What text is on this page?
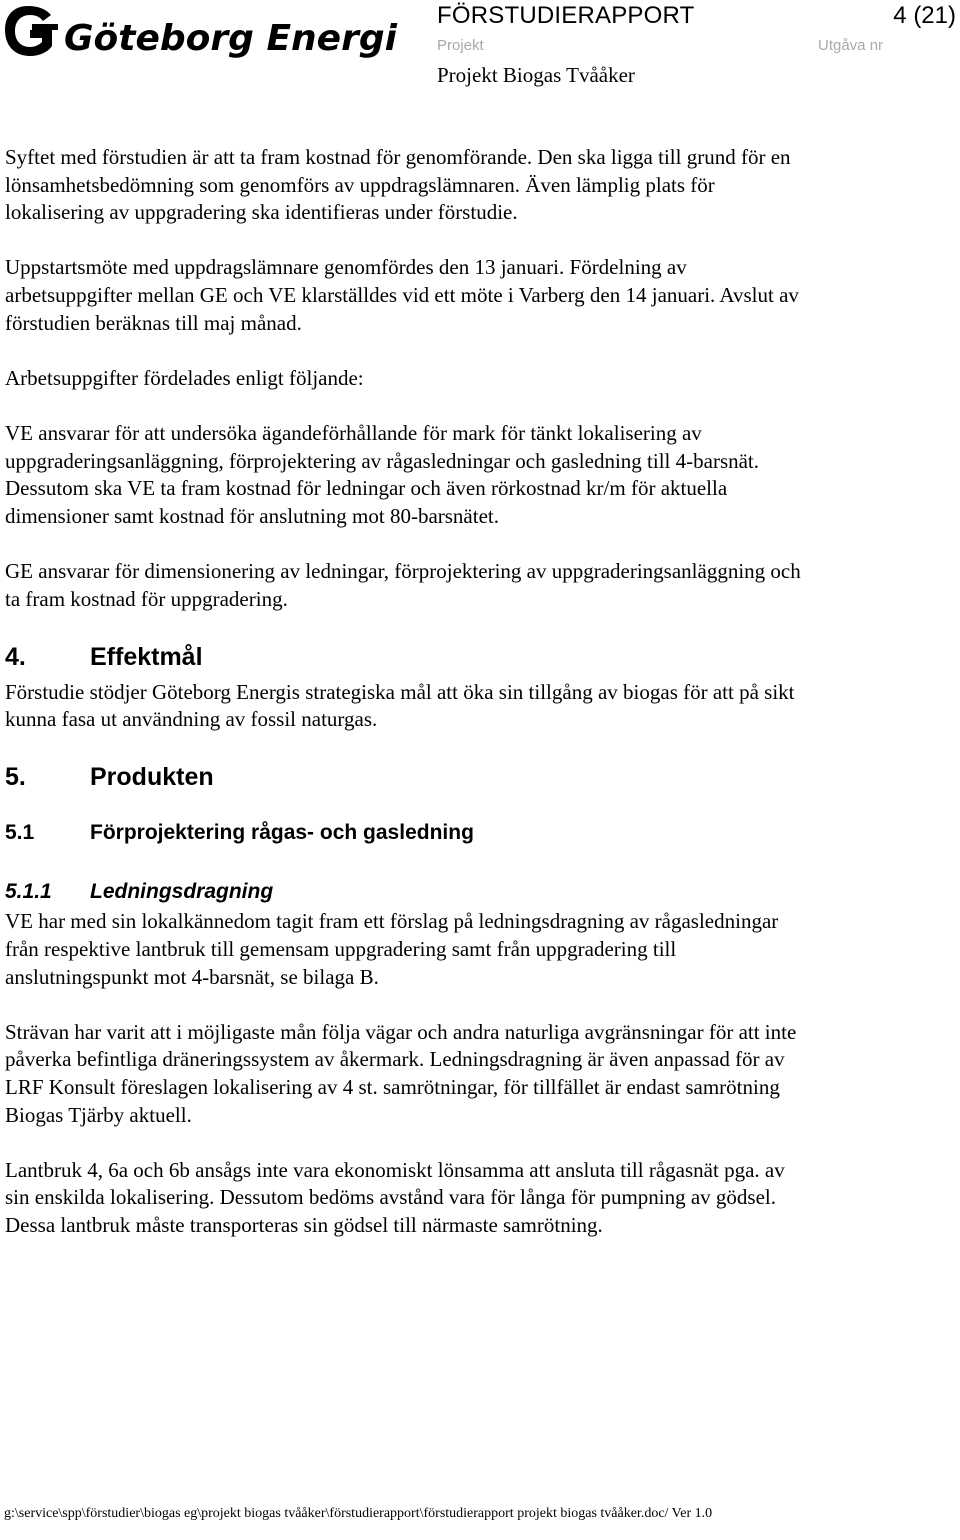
Göteborg Energi
FÖRSTUDIERAPPORT	4 (21)
Projekt	Utgåva nr
Projekt Biogas Tvååker

Syftet med förstudien är att ta fram kostnad för genomförande. Den ska ligga till grund för en lönsamhetsbedömning som genomförs av uppdragslämnaren. Även lämplig plats för lokalisering av uppgradering ska identifieras under förstudie.

Uppstartsmöte med uppdragslämnare genomfördes den 13 januari. Fördelning av arbetsuppgifter mellan GE och VE klarställdes vid ett möte i Varberg den 14 januari. Avslut av förstudien beräknas till maj månad.

Arbetsuppgifter fördelades enligt följande:

VE ansvarar för att undersöka ägandeförhållande för mark för tänkt lokalisering av uppgraderingsanläggning, förprojektering av rågasledningar och gasledning till 4-barsnät. Dessutom ska VE ta fram kostnad för ledningar och även rörkostnad kr/m för aktuella dimensioner samt kostnad för anslutning mot 80-barsnätet.

GE ansvarar för dimensionering av ledningar, förprojektering av uppgraderingsanläggning och ta fram kostnad för uppgradering.

4.	Effektmål

Förstudie stödjer Göteborg Energis strategiska mål att öka sin tillgång av biogas för att på sikt kunna fasa ut användning av fossil naturgas.

5.	Produkten
5.1	Förprojektering rågas- och gasledning
5.1.1 Ledningsdragning

VE har med sin lokalkännedom tagit fram ett förslag på ledningsdragning av rågasledningar från respektive lantbruk till gemensam uppgradering samt från uppgradering till anslutningspunkt mot 4-barsnät, se bilaga B.

Strävan har varit att i möjligaste mån följa vägar och andra naturliga avgränsningar för att inte påverka befintliga dräneringssystem av åkermark. Ledningsdragning är även anpassad för av LRF Konsult föreslagen lokalisering av 4 st. samrötningar, för tillfället är endast samrötning Biogas Tjärby aktuell.

Lantbruk 4, 6a och 6b ansågs inte vara ekonomiskt lönsamma att ansluta till rågasnät pga. av sin enskilda lokalisering. Dessutom bedöms avstånd vara för långa för pumpning av gödsel. Dessa lantbruk måste transporteras sin gödsel till närmaste samrötning.

g:\service\spp\förstudier\biogas eg\projekt biogas tvååker\förstudierapport\förstudierapport projekt biogas tvååker.doc/ Ver 1.0
